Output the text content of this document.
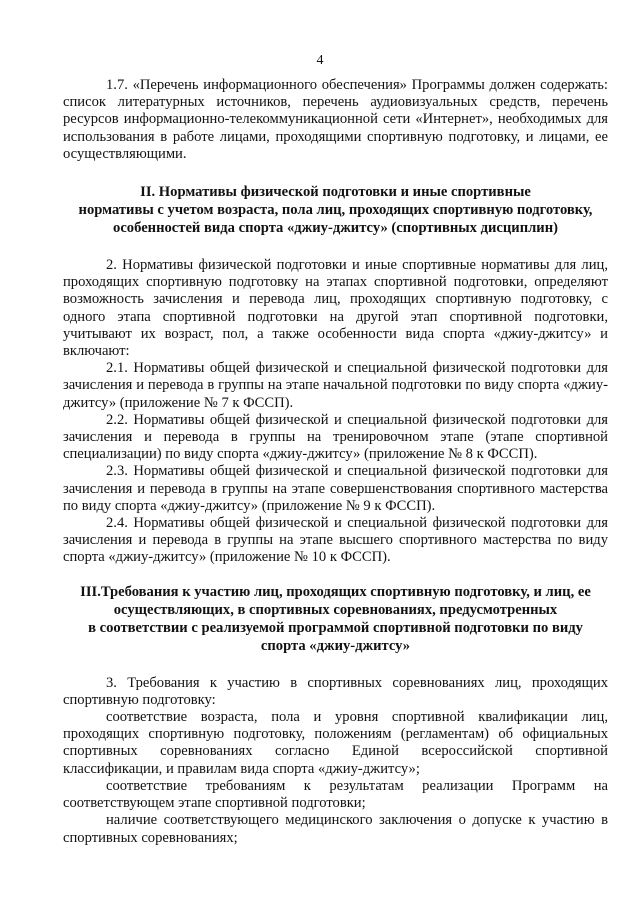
4

1.7. «Перечень информационного обеспечения» Программы должен содержать: список литературных источников, перечень аудиовизуальных средств, перечень ресурсов информационно-телекоммуникационной сети «Интернет», необходимых для использования в работе лицами, проходящими спортивную подготовку, и лицами, ее осуществляющими.

II. Нормативы физической подготовки и иные спортивные

нормативы с учетом возраста, пола лиц, проходящих спортивную подготовку,

особенностей вида спорта «джиу-джитсу» (спортивных дисциплин)

2. Нормативы физической подготовки и иные спортивные нормативы для лиц, проходящих спортивную подготовку на этапах спортивной подготовки, определяют возможность зачисления и перевода лиц, проходящих спортивную подготовку, с одного этапа спортивной подготовки на другой этап спортивной подготовки, учитывают их возраст, пол, а также особенности вида спорта «джиу-джитсу» и включают:

2.1. Нормативы общей физической и специальной физической подготовки для зачисления и перевода в группы на этапе начальной подготовки по виду спорта «джиу-джитсу» (приложение № 7 к ФССП).

2.2. Нормативы общей физической и специальной физической подготовки для зачисления и перевода в группы на тренировочном этапе (этапе спортивной специализации) по виду спорта «джиу-джитсу» (приложение № 8 к ФССП).

2.3. Нормативы общей физической и специальной физической подготовки для зачисления и перевода в группы на этапе совершенствования спортивного мастерства по виду спорта «джиу-джитсу» (приложение № 9 к ФССП).

2.4. Нормативы общей физической и специальной физической подготовки для зачисления и перевода в группы на этапе высшего спортивного мастерства по виду спорта «джиу-джитсу» (приложение № 10 к ФССП).

III.Требования к участию лиц, проходящих спортивную подготовку, и лиц, ее

осуществляющих, в спортивных соревнованиях, предусмотренных

в соответствии с реализуемой программой спортивной подготовки по виду

спорта «джиу-джитсу»

3. Требования к участию в спортивных соревнованиях лиц, проходящих спортивную подготовку:

соответствие возраста, пола и уровня спортивной квалификации лиц, проходящих спортивную подготовку, положениям (регламентам) об официальных спортивных соревнованиях согласно Единой всероссийской спортивной классификации, и правилам вида спорта «джиу-джитсу»;

соответствие требованиям к результатам реализации Программ на соответствующем этапе спортивной подготовки;

наличие соответствующего медицинского заключения о допуске к участию в спортивных соревнованиях;
